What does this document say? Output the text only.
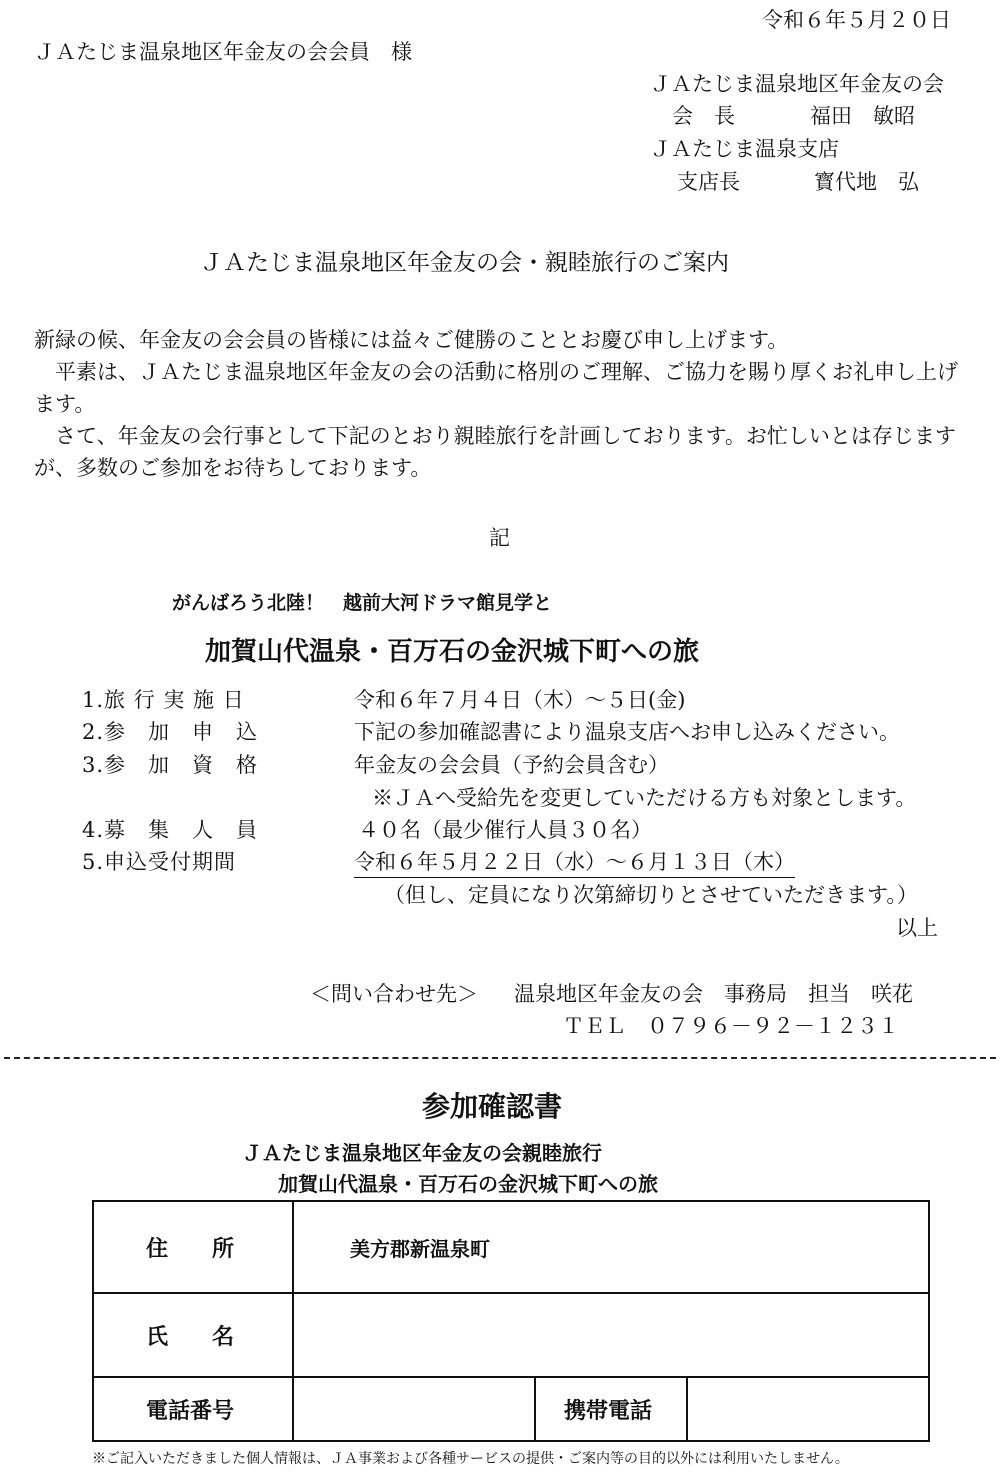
令和６年５月２０日
ＪＡたじま温泉地区年金友の会会員　様
ＪＡたじま温泉地区年金友の会
会　長	福田　敏昭
ＪＡたじま温泉支店
支店長	寳代地　弘
ＪＡたじま温泉地区年金友の会・親睦旅行のご案内
新緑の候、年金友の会会員の皆様には益々ご健勝のこととお慶び申し上げます。
平素は、ＪＡたじま温泉地区年金友の会の活動に格別のご理解、ご協力を賜り厚くお礼申し上げます。
さて、年金友の会行事として下記のとおり親睦旅行を計画しております。お忙しいとは存じますが、多数のご参加をお待ちしております。
記
がんばろう北陸！　越前大河ドラマ館見学と
加賀山代温泉・百万石の金沢城下町への旅
1.旅 行 実 施 日	令和６年７月４日（木）～５日(金)
2.参　加　申　込	下記の参加確認書により温泉支店へお申し込みください。
3.参　加　資　格	年金友の会会員（予約会員含む）
※ＪＡへ受給先を変更していただける方も対象とします。
4.募　集　人　員	４０名（最少催行人員３０名）
5.申込受付期間	令和６年５月２２日（水）～６月１３日（木）
（但し、定員になり次第締切りとさせていただきます。）
以上
＜問い合わせ先＞ 温泉地区年金友の会　事務局　担当　咲花
ＴＥＬ　０７９６－９２－１２３１
参加確認書
ＪＡたじま温泉地区年金友の会親睦旅行
加賀山代温泉・百万石の金沢城下町への旅
住　　所	美方郡新温泉町		
氏　　名			
電話番号		携帯電話	
※ご記入いただきました個人情報は、ＪＡ事業および各種サービスの提供・ご案内等の目的以外には利用いたしません。
